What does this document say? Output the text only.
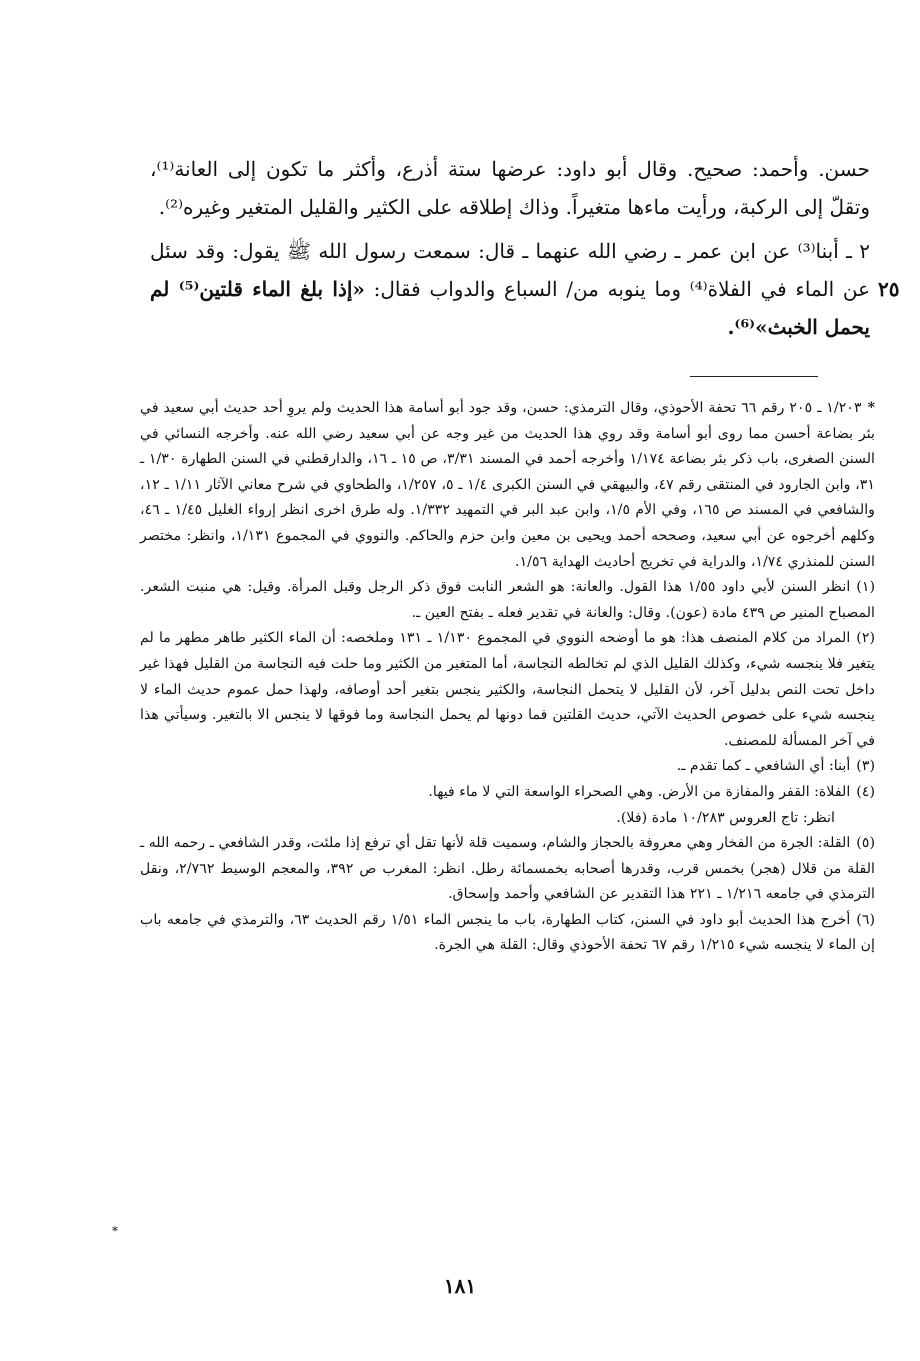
حسن. وأحمد: صحيح. وقال أبو داود: عرضها ستة أذرع، وأكثر ما تكون إلى العانة⁽¹⁾، وتقلّ إلى الركبة، ورأيت ماءها متغيراً. وذاك إطلاقه على الكثير والقليل المتغير وغيره⁽²⁾.

٢ ـ أبنا⁽³⁾ عن ابن عمر ـ رضي الله عنهما ـ قال: سمعت رسول الله ﷺ يقول: وقد سئل عن الماء في الفلاة⁽⁴⁾ وما ينوبه من/ السباع والدواب فقال: «إذا بلغ الماء قلتين⁽⁵⁾ لم يحمل الخبث»⁽⁶⁾.

٢٥

*١/٢٠٣ ـ ٢٠٥ رقم ٦٦ تحفة الأحوذي، وقال الترمذي: حسن، وقد جود أبو أسامة هذا الحديث ولم يروِ أحد حديث أبي سعيد في بئر بضاعة أحسن مما روى أبو أسامة وقد روي هذا الحديث من غير وجه عن أبي سعيد رضي الله عنه. وأخرجه النسائي في السنن الصغرى، باب ذكر بئر بضاعة ١/١٧٤ وأخرجه أحمد في المسند ٣/٣١، ص ١٥ ـ ١٦، والدارقطني في السنن الطهارة ١/٣٠ ـ ٣١، وابن الجارود في المنتقى رقم ٤٧، والبيهقي في السنن الكبرى ١/٤ ـ ٥، ١/٢٥٧، والطحاوي في شرح معاني الآثار ١/١١ ـ ١٢، والشافعي في المسند ص ١٦٥، وفي الأم ١/٥، وابن عبد البر في التمهيد ١/٣٣٢. وله طرق اخرى انظر إرواء الغليل ١/٤٥ ـ ٤٦، وكلهم أخرجوه عن أبي سعيد، وصححه أحمد ويحيى بن معين وابن حزم والحاكم. والنووي في المجموع ١/١٣١، وانظر: مختصر السنن للمنذري ١/٧٤، والدراية في تخريج أحاديث الهداية ١/٥٦.

(١)انظر السنن لأبي داود ١/٥٥ هذا القول. والعانة: هو الشعر النابت فوق ذكر الرجل وقبل المرأة. وقيل: هي منبت الشعر. المصباح المنير ص ٤٣٩ مادة (عون). وقال: والعانة في تقدير فعله ـ بفتح العين ـ.

(٢)المراد من كلام المنصف هذا: هو ما أوضحه النووي في المجموع ١/١٣٠ ـ ١٣١ وملخصه: أن الماء الكثير طاهر مطهر ما لم يتغير فلا ينجسه شيء، وكذلك القليل الذي لم تخالطه النجاسة، أما المتغير من الكثير وما حلت فيه النجاسة من القليل فهذا غير داخل تحت النص بدليل آخر، لأن القليل لا يتحمل النجاسة، والكثير ينجس بتغير أحد أوصافه، ولهذا حمل عموم حديث الماء لا ينجسه شيء على خصوص الحديث الآتي، حديث القلتين فما دونها لم يحمل النجاسة وما فوقها لا ينجس الا بالتغير. وسيأتي هذا في آخر المسألة للمصنف.

(٣)أبنا: أي الشافعي ـ كما تقدم ـ.

(٤)الفلاة: القفر والمفازة من الأرض. وهي الصحراء الواسعة التي لا ماء فيها.

انظر: تاج العروس ١٠/٢٨٣ مادة (فلا).

(٥)القلة: الجرة من الفخار وهي معروفة بالحجاز والشام، وسميت قلة لأنها تقل أي ترفع إذا ملئت، وقدر الشافعي ـ رحمه الله ـ القلة من قلال (هجر) بخمس قرب، وقدرها أصحابه بخمسمائة رطل. انظر: المغرب ص ٣٩٢، والمعجم الوسيط ٢/٧٦٢، ونقل الترمذي في جامعه ١/٢١٦ ـ ٢٢١ هذا التقدير عن الشافعي وأحمد وإسحاق.

(٦)أخرج هذا الحديث أبو داود في السنن، كتاب الطهارة، باب ما ينجس الماء ١/٥١ رقم الحديث ٦٣، والترمذي في جامعه باب إن الماء لا ينجسه شيء ١/٢١٥ رقم ٦٧ تحفة الأحوذي وقال: القلة هي الجرة.

*
١٨١
